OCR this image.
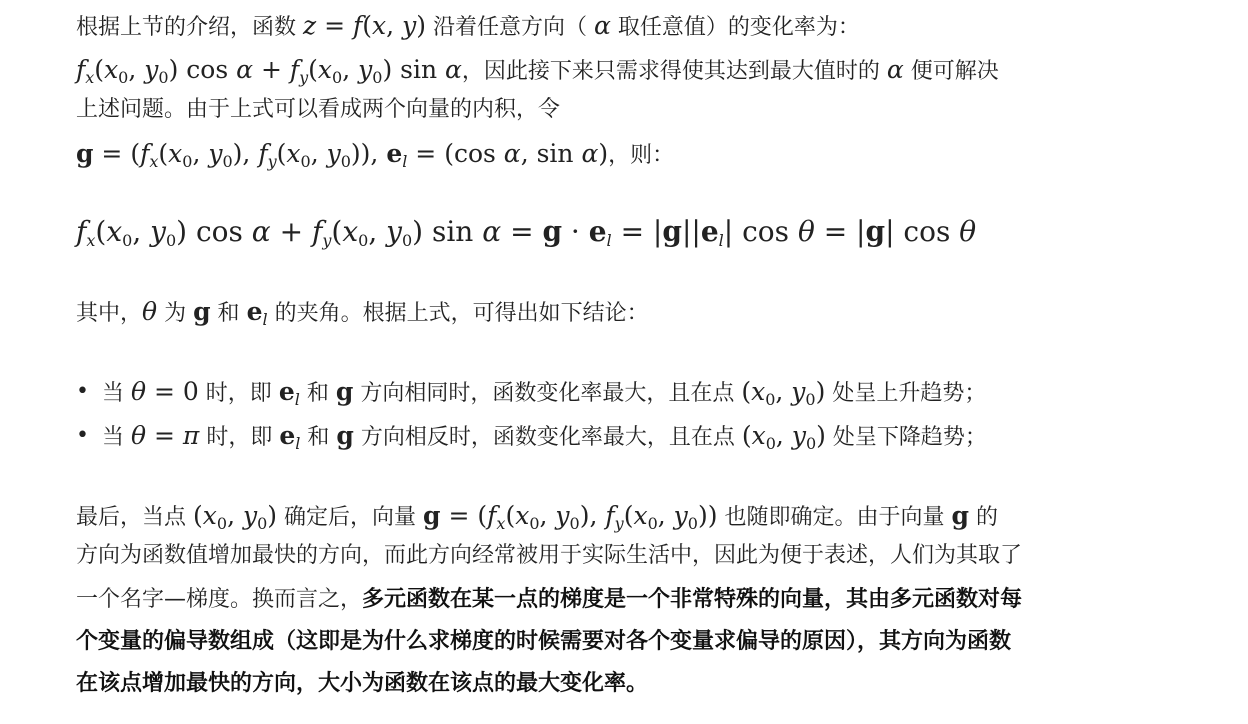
根据上节的介绍，函数 z = f(x, y) 沿着任意方向（ α 取任意值）的变化率为：
$f_x(x_0$, $y_0$) $\cos \alpha + f_y(x_0$, $y_0$) sin α，因此接下来只需求得使其达到最大值时的 α 便可解决
上述问题。由于上式可以看成两个向量的内积，令
$g = (f_x(x_0$, $y_0$), $f_y(x_0$, $y_0$)), $e_l = (\cos$ α, sin α)，则：
$f_x(x0$, y0) $\cos \alpha + f_y(x0$, y0) $\sin \alpha = g \cdot e_l = |g||e_l|$ cos θ = |g| cos θ
其中，θ 为 g 和 $e_l$ 的夹角。根据上式，可得出如下结论：
• 当 θ = 0 时，即 $e_l$ 和 g 方向相同时，函数变化率最大，且在点 ($x_0$, $y_0$) 处呈上升趋势；
• 当 θ = π 时，即 $e_l$ 和 g 方向相反时，函数变化率最大，且在点 ($x_0$, $y_0$) 处呈下降趋势；
最后，当点 ($x_0$, $y_0$) 确定后，向量 $g = (f_x(x_0$, $y_0$), $f_y(x_0$, $y_0$)) 也随即确定。由于向量 g 的
方向为函数值增加最快的方向，而此方向经常被用于实际生活中，因此为便于表述，人们为其取了
一个名字—梯度。换而言之，多元函数在某一点的梯度是一个非常特殊的向量，其由多元函数对每
个变量的偏导数组成（这即是为什么求梯度的时候需要对各个变量求偏导的原因），其方向为函数
在该点增加最快的方向，大小为函数在该点的最大变化率。
